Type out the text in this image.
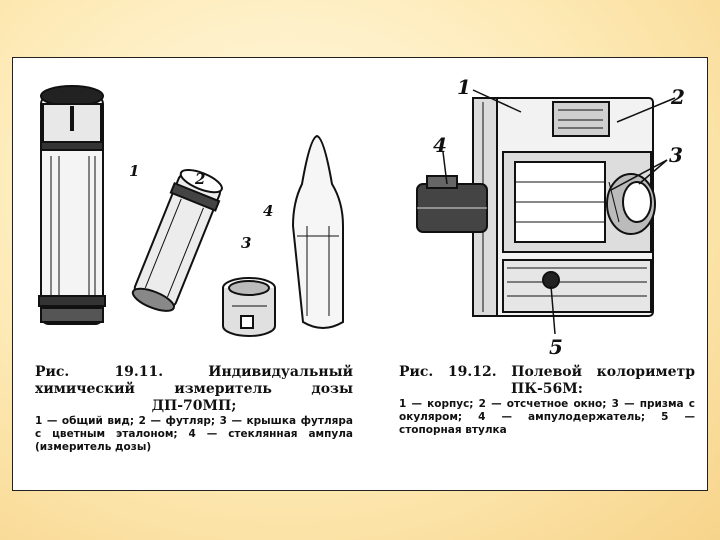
1	2
3
4
1	2
3
4
5
Рис. 19.11. Индивидуальный химический измеритель дозы ДП-70МП;
1 — общий вид; 2 — футляр; 3 — крышка футляра с цветным эталоном; 4 — стеклянная ампула (измеритель дозы)
Рис. 19.12. Полевой колориметр ПК-56М:
1 — корпус; 2 — отсчетное окно; 3 — призма с окуляром; 4 — ампулодержатель; 5 — стопорная втулка
